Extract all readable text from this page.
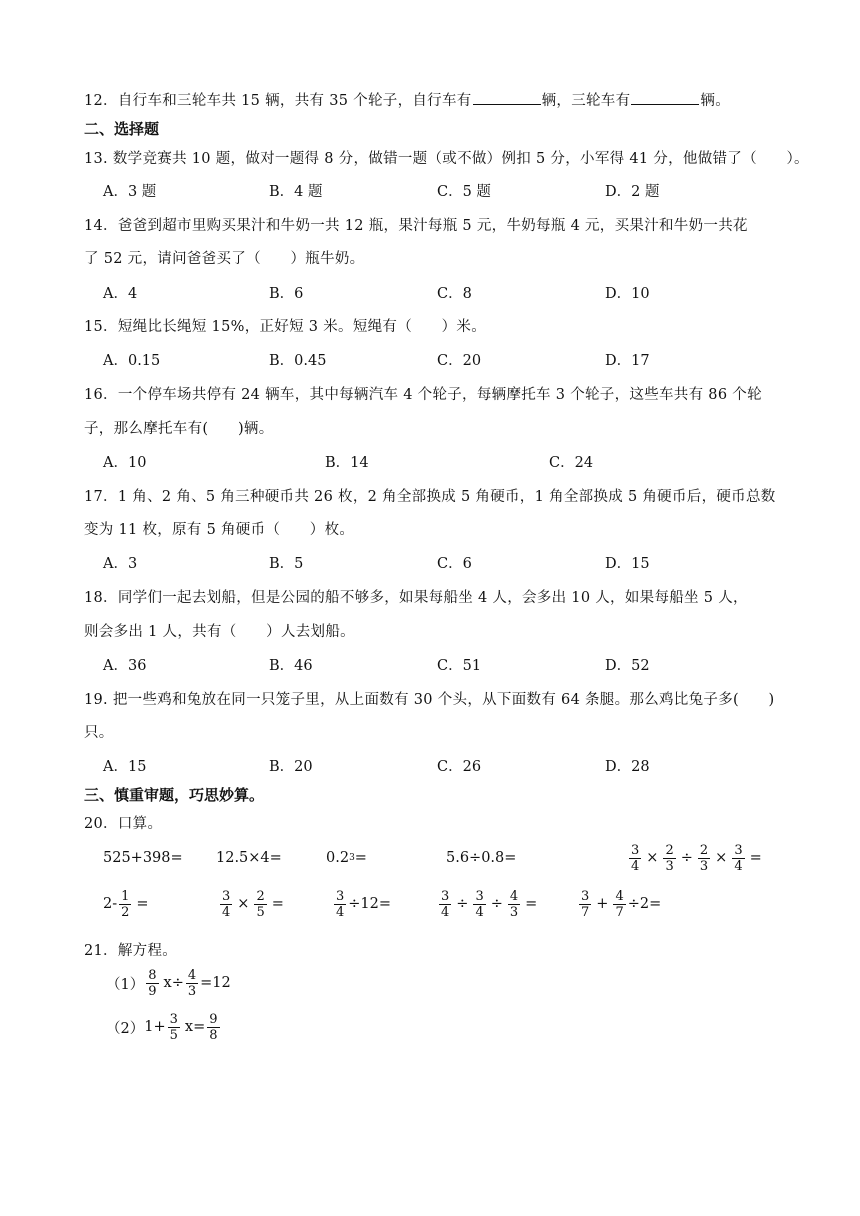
12．自行车和三轮车共 15 辆，共有 35 个轮子，自行车有	辆，三轮车有	辆。
二、选择题
13. 数学竞赛共 10 题，做对一题得 8 分，做错一题（或不做）例扣 5 分，小军得 41 分，他做错了（　　）。
A．3 题	B．4 题	C．5 题	D．2 题
14．爸爸到超市里购买果汁和牛奶一共 12 瓶，果汁每瓶 5 元，牛奶每瓶 4 元，买果汁和牛奶一共花
了 52 元，请问爸爸买了（　　）瓶牛奶。
A．4	B．6	C．8	D．10
15．短绳比长绳短 15%，正好短 3 米。短绳有（　　）米。
A．0.15	B．0.45	C．20	D．17
16．一个停车场共停有 24 辆车，其中每辆汽车 4 个轮子，每辆摩托车 3 个轮子，这些车共有 86 个轮
子，那么摩托车有(　　)辆。
A．10	B．14	C．24
17．1 角、2 角、5 角三种硬币共 26 枚，2 角全部换成 5 角硬币，1 角全部换成 5 角硬币后，硬币总数
变为 11 枚，原有 5 角硬币（　　）枚。
A．3	B．5	C．6	D．15
18．同学们一起去划船，但是公园的船不够多，如果每船坐 4 人，会多出 10 人，如果每船坐 5 人，
则会多出 1 人，共有（　　）人去划船。
A．36	B．46	C．51	D．52
19. 把一些鸡和兔放在同一只笼子里，从上面数有 30 个头，从下面数有 64 条腿。那么鸡比兔子多(　　)
只。
A．15	B．20	C．26	D．28
三、慎重审题，巧思妙算。
20．口算。
525+398= 12.5×4=	0.2 3 =	5.6÷0.8=	$\frac{3}{4} \times \frac{2}{3} \div \frac{2}{3} \times \frac{3}{4}$ =
$2- \frac{1}{2}$ =	$\frac{3}{4} \times \frac{2}{5}$ =	$\frac{3}{4} \div 12=$	$\frac{3}{4} \div \frac{3}{4} \div \frac{4}{3}$ =	$\frac{3}{7} + \frac{4}{7} \div 2=$
21．解方程。
$(1) \frac{8}{9} x\div \frac{4}{3} =12$
（2） $1+ \frac{3}{5} x= \frac{9}{8}$
